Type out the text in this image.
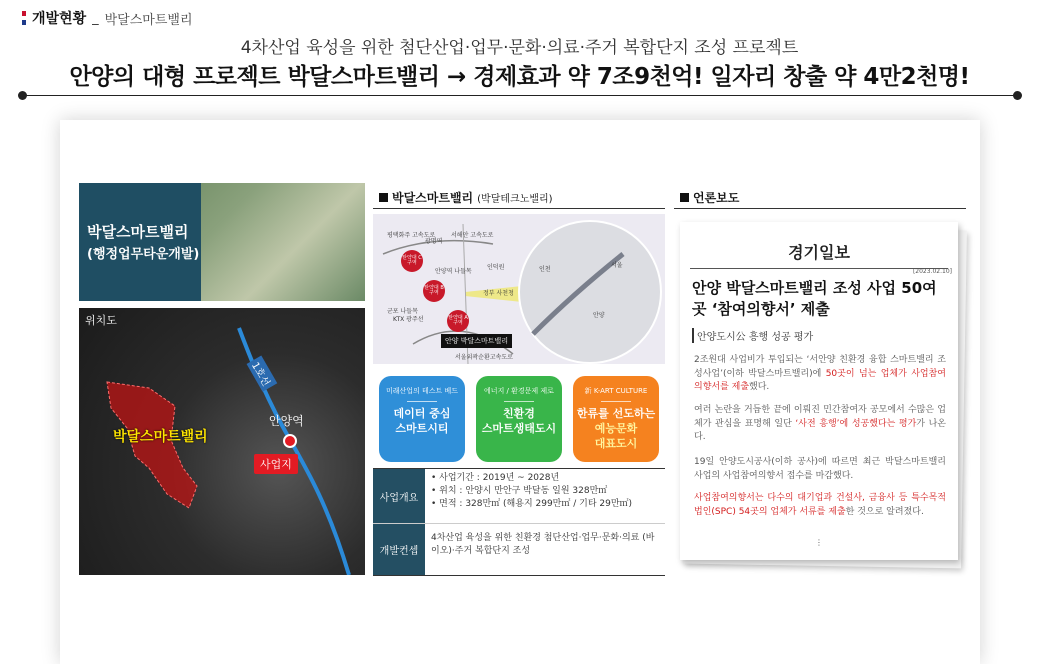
개발현황 _ 박달스마트밸리
4차산업 육성을 위한 첨단산업·업무·문화·의료·주거 복합단지 조성 프로젝트
안양의 대형 프로젝트 박달스마트밸리 → 경제효과 약 7조9천억! 일자리 창출 약 4만2천명!
박달스마트밸리
(행정업무타운개발)
위치도
1호선
안양역
사업지
박달스마트밸리
박달스마트밸리 (박달테크노밸리)
평택화주 고속도로
광명역
서해안 고속도로
안양역 나들목
인덕원
정부 사천청
군포 나들목
KTX 광주선
서울외곽순환고속도로
인천
서울
안양
탄약대 C구역
탄약대 B구역
탄약대 A구역
안양 박달스마트밸리
미래산업의 테스트 베드
데이터 중심
스마트시티
에너지 / 환경문제 제로
친환경
스마트생태도시
新 K-ART CULTURE
한류를 선도하는
예능문화
대표도시
사업개요
• 사업기간 : 2019년 ~ 2028년
• 위치 : 안양시 만안구 박달동 일원 328만㎡
• 면적 : 328만㎡ (해용지 299만㎡ / 기타 29만㎡)
개발컨셉
4차산업 육성을 위한 친환경 첨단산업·업무·문화·의료 (바이오)·주거 복합단지 조성
언론보도
경기일보
[2023.02.10]
안양 박달스마트밸리 조성 사업 50여곳 ‘참여의향서’ 제출
안양도시公 흥행 성공 평가
2조원대 사업비가 투입되는 ‘서안양 친환경 융합 스마트밸리 조성사업’(이하 박달스마트밸리)에 50곳이 넘는 업체가 사업참여의향서를 제출했다.
여러 논란을 거듭한 끝에 이뤄진 민간참여자 공모에서 수많은 업체가 관심을 표명해 일단 ‘사전 흥행’에 성공했다는 평가가 나온다.
19일 안양도시공사(이하 공사)에 따르면 최근 박달스마트밸리 사업의 사업참여의향서 접수를 마감했다.
사업참여의향서는 다수의 대기업과 건설사, 금융사 등 특수목적법인(SPC) 54곳의 업체가 서류를 제출한 것으로 알려졌다.
⋮
